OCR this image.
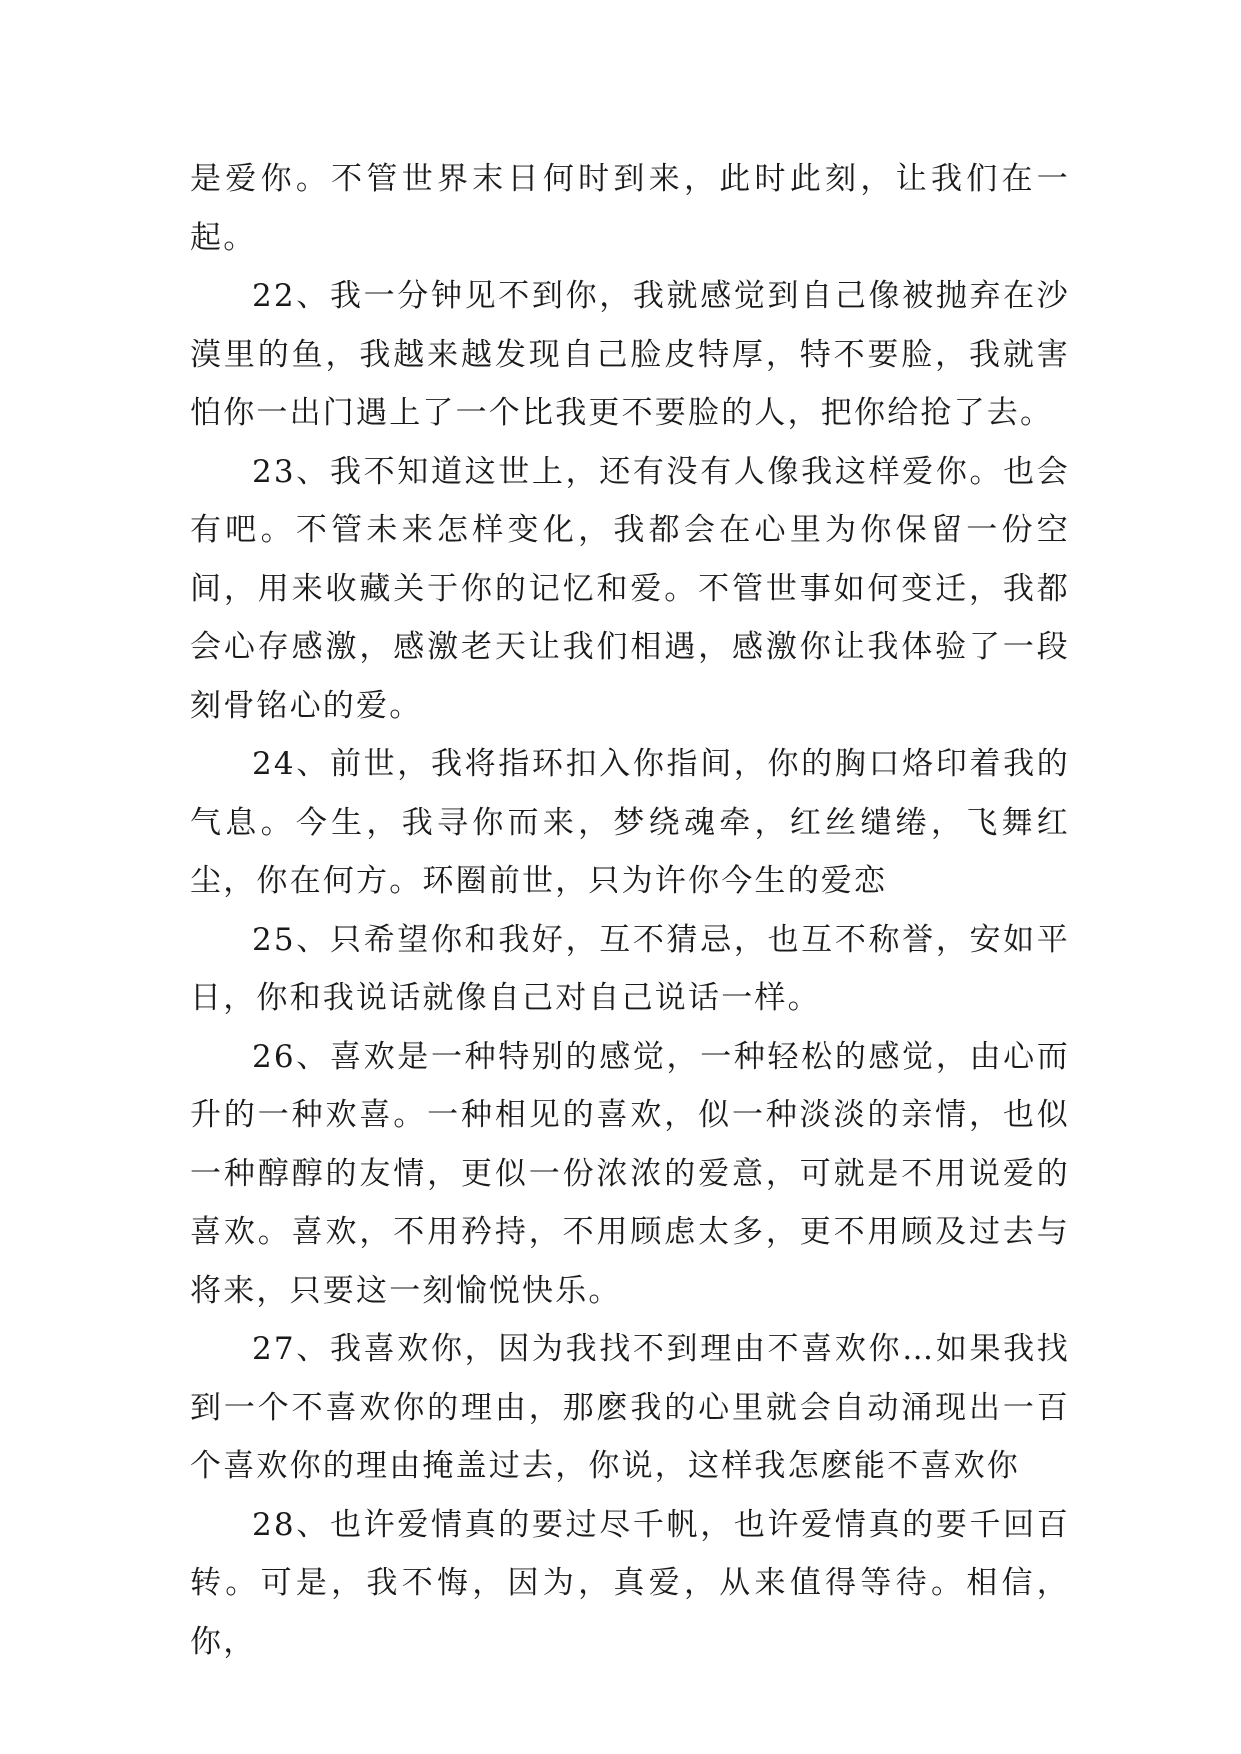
是爱你。不管世界末日何时到来，此时此刻，让我们在一起。

22、我一分钟见不到你，我就感觉到自己像被抛弃在沙漠里的鱼，我越来越发现自己脸皮特厚，特不要脸，我就害怕你一出门遇上了一个比我更不要脸的人，把你给抢了去。

23、我不知道这世上，还有没有人像我这样爱你。也会有吧。不管未来怎样变化，我都会在心里为你保留一份空间，用来收藏关于你的记忆和爱。不管世事如何变迁，我都会心存感激，感激老天让我们相遇，感激你让我体验了一段刻骨铭心的爱。

24、前世，我将指环扣入你指间，你的胸口烙印着我的气息。今生，我寻你而来，梦绕魂牵，红丝缱绻，飞舞红尘，你在何方。环圈前世，只为许你今生的爱恋

25、只希望你和我好，互不猜忌，也互不称誉，安如平日，你和我说话就像自己对自己说话一样。

26、喜欢是一种特别的感觉，一种轻松的感觉，由心而升的一种欢喜。一种相见的喜欢，似一种淡淡的亲情，也似一种醇醇的友情，更似一份浓浓的爱意，可就是不用说爱的喜欢。喜欢，不用矜持，不用顾虑太多，更不用顾及过去与将来，只要这一刻愉悦快乐。

27、我喜欢你，因为我找不到理由不喜欢你…如果我找到一个不喜欢你的理由，那麽我的心里就会自动涌现出一百个喜欢你的理由掩盖过去，你说，这样我怎麽能不喜欢你

28、也许爱情真的要过尽千帆，也许爱情真的要千回百转。可是，我不悔，因为，真爱，从来值得等待。相信，你，
